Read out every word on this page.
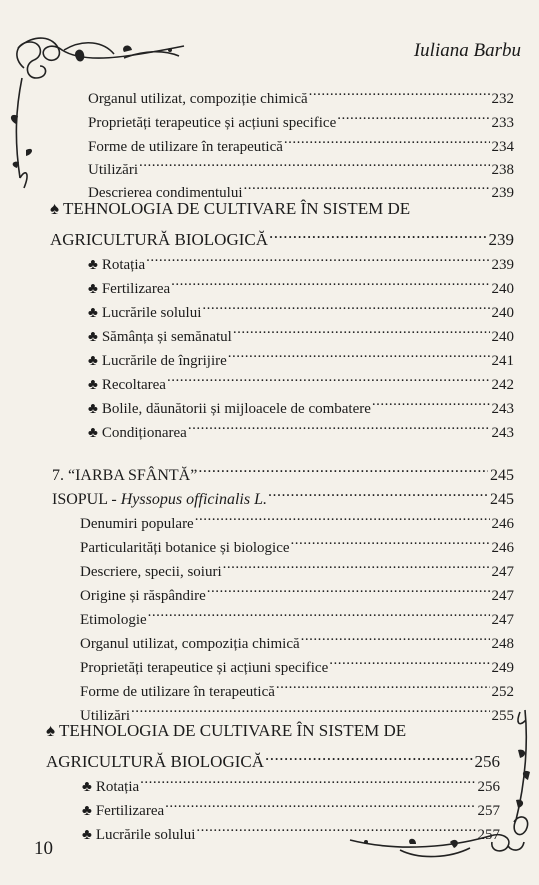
Iuliana Barbu
Organul utilizat, compoziție chimică .....	232
Proprietăți terapeutice și acțiuni specifice .....	233
Forme de utilizare în terapeutică .....	234
Utilizări .....	238
Descrierea condimentului .....	239
♠ TEHNOLOGIA DE CULTIVARE ÎN SISTEM DE
AGRICULTURĂ BIOLOGICĂ .....	239
♣ Rotația .....	239
♣ Fertilizarea .....	240
♣ Lucrările solului .....	240
♣ Sămânța și semănatul .....	240
♣ Lucrările de îngrijire .....	241
♣ Recoltarea .....	242
♣ Bolile, dăunătorii și mijloacele de combatere .....	243
♣ Condiționarea .....	243
7. “IARBA SFÂNTĂ” .....	245
ISOPUL - Hyssopus officinalis L. .....	245
Denumiri populare .....	246
Particularități botanice și biologice .....	246
Descriere, specii, soiuri .....	247
Origine și răspândire .....	247
Etimologie .....	247
Organul utilizat, compoziția chimică .....	248
Proprietăți terapeutice și acțiuni specifice .....	249
Forme de utilizare în terapeutică .....	252
Utilizări .....	255
♠ TEHNOLOGIA DE CULTIVARE ÎN SISTEM DE
AGRICULTURĂ BIOLOGICĂ .....	256
♣ Rotația .....	256
♣ Fertilizarea .....	257
♣ Lucrările solului .....	257
10
